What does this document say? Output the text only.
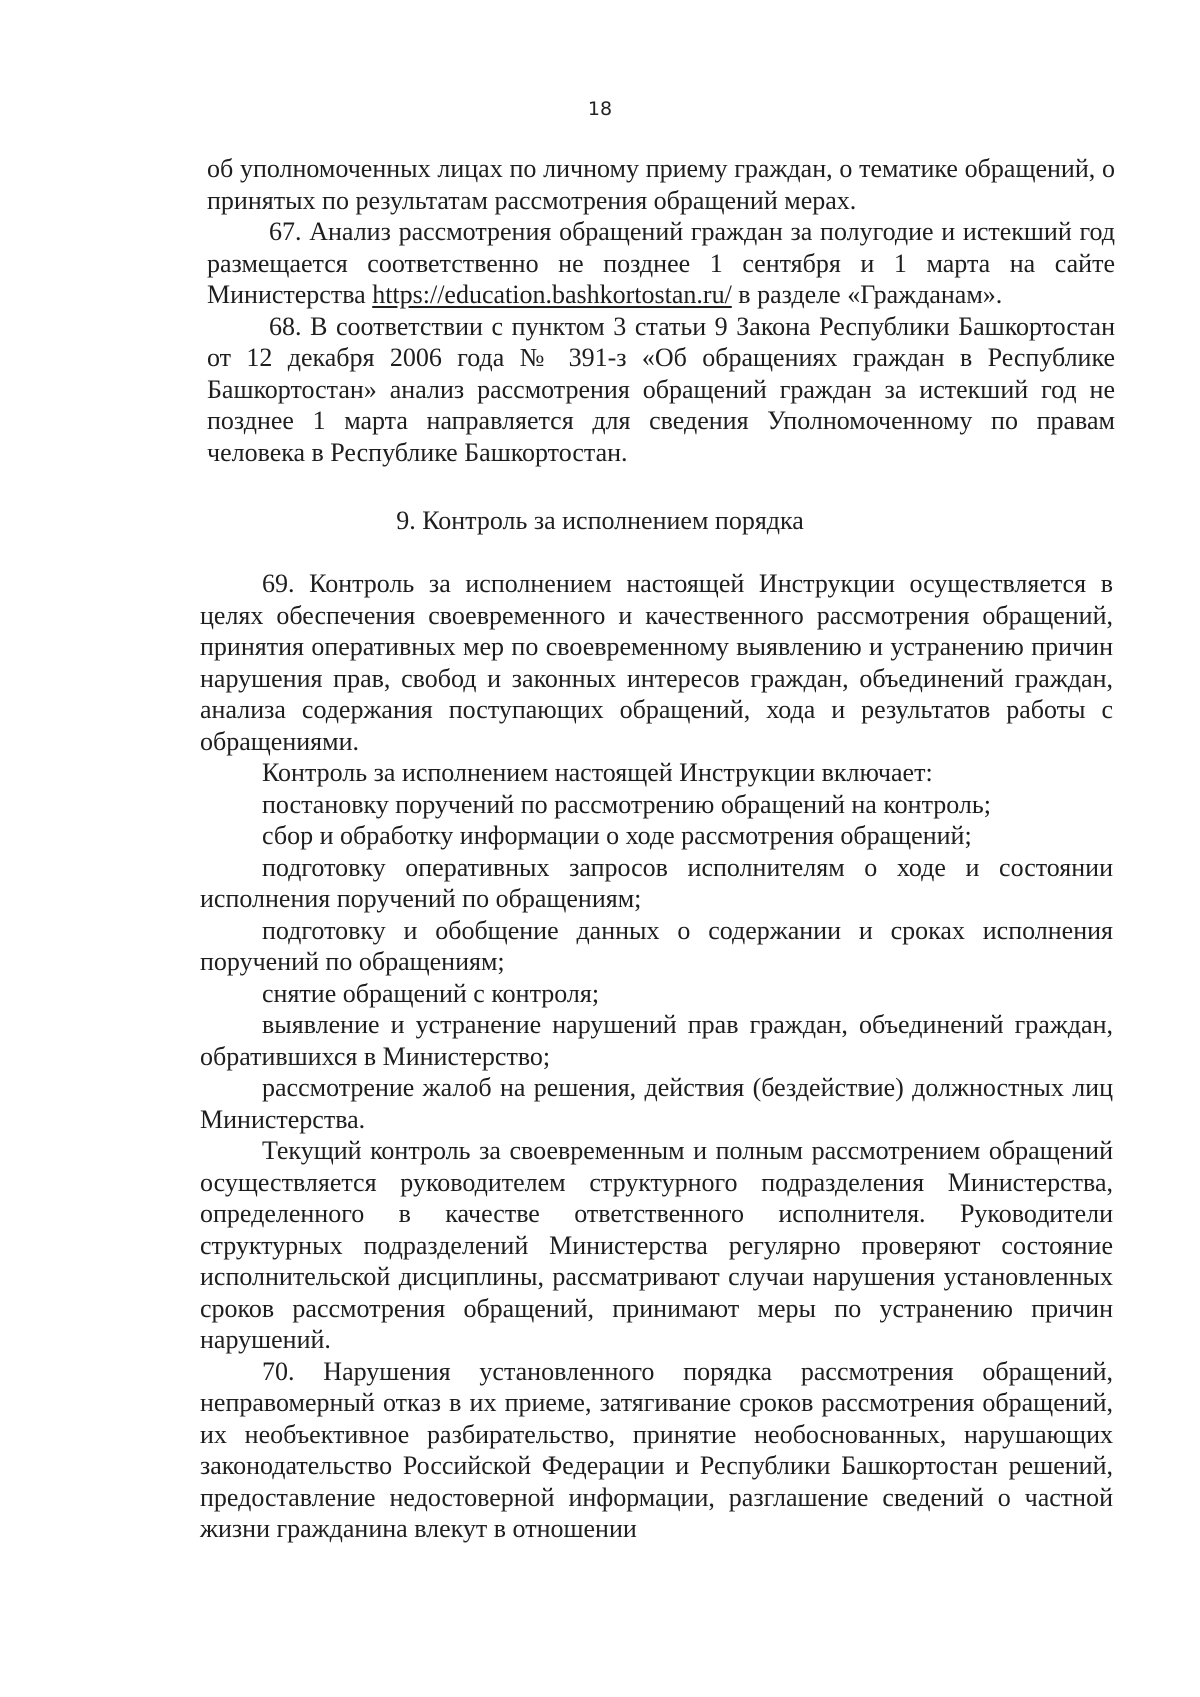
18

об уполномоченных лицах по личному приему граждан, о тематике обращений, о принятых по результатам рассмотрения обращений мерах.

67. Анализ рассмотрения обращений граждан за полугодие и истекший год размещается соответственно не позднее 1 сентября и 1 марта на сайте Министерства https://education.bashkortostan.ru/ в разделе «Гражданам».

68. В соответствии с пунктом 3 статьи 9 Закона Республики Башкортостан от 12 декабря 2006 года № 391-з «Об обращениях граждан в Республике Башкортостан» анализ рассмотрения обращений граждан за истекший год не позднее 1 марта направляется для сведения Уполномоченному по правам человека в Республике Башкортостан.

9. Контроль за исполнением порядка

69. Контроль за исполнением настоящей Инструкции осуществляется в целях обеспечения своевременного и качественного рассмотрения обращений, принятия оперативных мер по своевременному выявлению и устранению причин нарушения прав, свобод и законных интересов граждан, объединений граждан, анализа содержания поступающих обращений, хода и результатов работы с обращениями.

Контроль за исполнением настоящей Инструкции включает:

постановку поручений по рассмотрению обращений на контроль;

сбор и обработку информации о ходе рассмотрения обращений;

подготовку оперативных запросов исполнителям о ходе и состоянии исполнения поручений по обращениям;

подготовку и обобщение данных о содержании и сроках исполнения поручений по обращениям;

снятие обращений с контроля;

выявление и устранение нарушений прав граждан, объединений граждан, обратившихся в Министерство;

рассмотрение жалоб на решения, действия (бездействие) должностных лиц Министерства.

Текущий контроль за своевременным и полным рассмотрением обращений осуществляется руководителем структурного подразделения Министерства, определенного в качестве ответственного исполнителя. Руководители структурных подразделений Министерства регулярно проверяют состояние исполнительской дисциплины, рассматривают случаи нарушения установленных сроков рассмотрения обращений, принимают меры по устранению причин нарушений.

70. Нарушения установленного порядка рассмотрения обращений, неправомерный отказ в их приеме, затягивание сроков рассмотрения обращений, их необъективное разбирательство, принятие необоснованных, нарушающих законодательство Российской Федерации и Республики Башкортостан решений, предоставление недостоверной информации, разглашение сведений о частной жизни гражданина влекут в отношении
